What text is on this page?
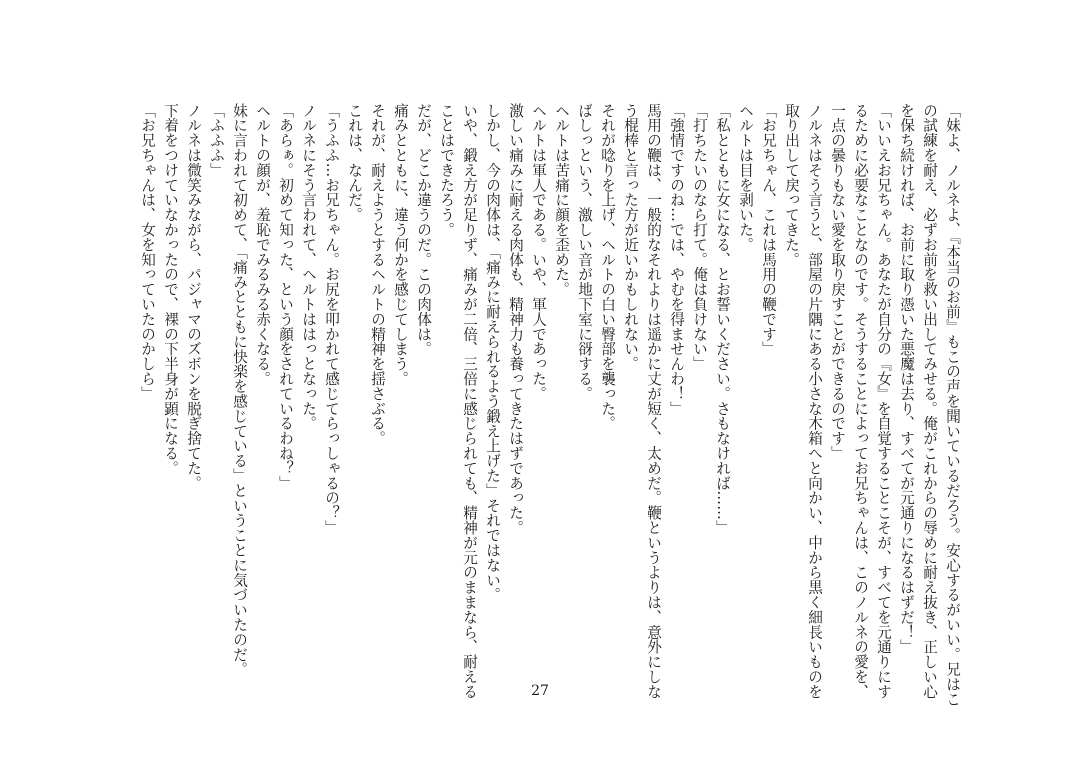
「妹よ、ノルネよ、『本当のお前』もこの声を聞いているだろう。安心するがいい。兄はこ
の試練を耐え、必ずお前を救い出してみせる。俺がこれからの辱めに耐え抜き、正しい心
を保ち続ければ、お前に取り憑いた悪魔は去り、すべてが元通りになるはずだ！」
「いいえお兄ちゃん。あなたが自分の『女』を自覚することこそが、すべてを元通りにす
るために必要なことなのです。そうすることによってお兄ちゃんは、このノルネの愛を、
一点の曇りもない愛を取り戻すことができるのです」
ノルネはそう言うと、部屋の片隅にある小さな木箱へと向かい、中から黒く細長いものを
取り出して戻ってきた。
「お兄ちゃん、これは馬用の鞭です」
ヘルトは目を剥いた。
「私とともに女になる、とお誓いください。さもなければ……」
「打ちたいのなら打て。俺は負けない」
「強情ですのね…では、やむを得ませんわ！」
馬用の鞭は、一般的なそれよりは遥かに丈が短く、太めだ。鞭というよりは、意外にしな
う棍棒と言った方が近いかもしれない。
それが唸りを上げ、ヘルトの白い臀部を襲った。
ばしっという、激しい音が地下室に谺する。
ヘルトは苦痛に顔を歪めた。
ヘルトは軍人である。いや、軍人であった。
激しい痛みに耐える肉体も、精神力も養ってきたはずであった。
しかし、今の肉体は、「痛みに耐えられるよう鍛え上げた」それではない。
いや、鍛え方が足りず、痛みが二倍、三倍に感じられても、精神が元のままなら、耐える
ことはできたろう。
だが、どこか違うのだ。この肉体は。
痛みとともに、違う何かを感じてしまう。
それが、耐えようとするヘルトの精神を揺さぶる。
これは、なんだ。
「うふふ…お兄ちゃん。お尻を叩かれて感じてらっしゃるの？」
ノルネにそう言われて、ヘルトははっとなった。
「あらぁ。初めて知った、という顔をされているわね？」
ヘルトの顔が、羞恥でみるみる赤くなる。
妹に言われて初めて、「痛みとともに快楽を感じている」ということに気づいたのだ。
「ふふふ」
ノルネは微笑みながら、パジャマのズボンを脱ぎ捨てた。
下着をつけていなかったので、裸の下半身が顕になる。
「お兄ちゃんは、女を知っていたのかしら」
27
